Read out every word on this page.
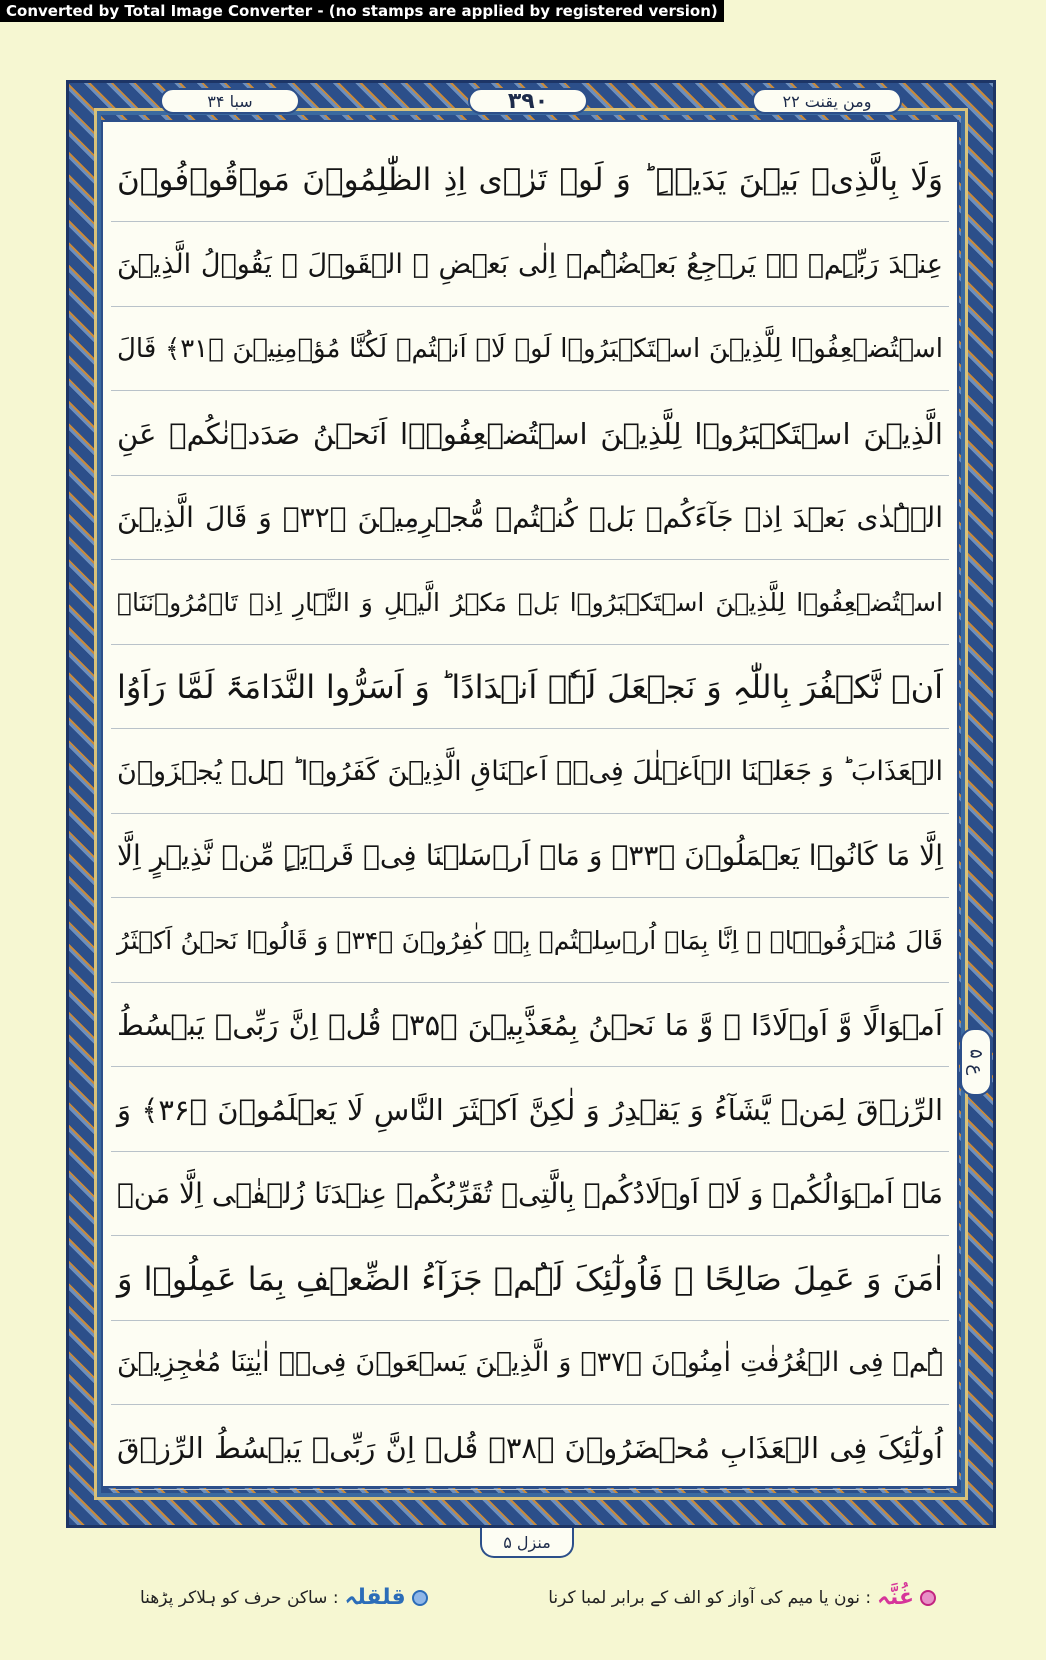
Converted by Total Image Converter - (no stamps are applied by registered version)
سبا ۳۴	۳۹۰	ومن یقنت ۲۲
وَلَا بِالَّذِیۡ بَیۡنَ یَدَیۡہِ ؕ وَ لَوۡ تَرٰۤی اِذِ الظّٰلِمُوۡنَ مَوۡقُوۡفُوۡنَ
عِنۡدَ رَبِّہِمۡ ۚۖ یَرۡجِعُ بَعۡضُہُمۡ اِلٰی بَعۡضِ ۣ الۡقَوۡلَ ۚ یَقُوۡلُ الَّذِیۡنَ
اسۡتُضۡعِفُوۡا لِلَّذِیۡنَ اسۡتَکۡبَرُوۡا لَوۡ لَاۤ اَنۡتُمۡ لَکُنَّا مُؤۡمِنِیۡنَ ﴿۳۱﴾ قَالَ
الَّذِیۡنَ اسۡتَکۡبَرُوۡا لِلَّذِیۡنَ اسۡتُضۡعِفُوۡۤا اَنَحۡنُ صَدَدۡنٰکُمۡ عَنِ
الۡہُدٰی بَعۡدَ اِذۡ جَآءَکُمۡ بَلۡ کُنۡتُمۡ مُّجۡرِمِیۡنَ ﴿۳۲﴾ وَ قَالَ الَّذِیۡنَ
اسۡتُضۡعِفُوۡا لِلَّذِیۡنَ اسۡتَکۡبَرُوۡا بَلۡ مَکۡرُ الَّیۡلِ وَ النَّہَارِ اِذۡ تَاۡمُرُوۡنَنَاۤ
اَنۡ نَّکۡفُرَ بِاللّٰہِ وَ نَجۡعَلَ لَہٗۤ اَنۡدَادًا ؕ وَ اَسَرُّوا النَّدَامَۃَ لَمَّا رَاَوُا
الۡعَذَابَ ؕ وَ جَعَلۡنَا الۡاَغۡلٰلَ فِیۡۤ اَعۡنَاقِ الَّذِیۡنَ کَفَرُوۡا ؕ ہَلۡ یُجۡزَوۡنَ
اِلَّا مَا کَانُوۡا یَعۡمَلُوۡنَ ﴿۳۳﴾ وَ مَاۤ اَرۡسَلۡنَا فِیۡ قَرۡیَۃٍ مِّنۡ نَّذِیۡرٍ اِلَّا
قَالَ مُتۡرَفُوۡہَاۤ ۙ اِنَّا بِمَاۤ اُرۡسِلۡتُمۡ بِہٖ کٰفِرُوۡنَ ﴿۳۴﴾ وَ قَالُوۡا نَحۡنُ اَکۡثَرُ
اَمۡوَالًا وَّ اَوۡلَادًا ۙ وَّ مَا نَحۡنُ بِمُعَذَّبِیۡنَ ﴿۳۵﴾ قُلۡ اِنَّ رَبِّیۡ یَبۡسُطُ
الرِّزۡقَ لِمَنۡ یَّشَآءُ وَ یَقۡدِرُ وَ لٰکِنَّ اَکۡثَرَ النَّاسِ لَا یَعۡلَمُوۡنَ ﴿۳۶﴾ وَ
مَاۤ اَمۡوَالُکُمۡ وَ لَاۤ اَوۡلَادُکُمۡ بِالَّتِیۡ تُقَرِّبُکُمۡ عِنۡدَنَا زُلۡفٰۤی اِلَّا مَنۡ
اٰمَنَ وَ عَمِلَ صَالِحًا ۫ فَاُولٰٓئِکَ لَہُمۡ جَزَآءُ الضِّعۡفِ بِمَا عَمِلُوۡا وَ
ہُمۡ فِی الۡغُرُفٰتِ اٰمِنُوۡنَ ﴿۳۷﴾ وَ الَّذِیۡنَ یَسۡعَوۡنَ فِیۡۤ اٰیٰتِنَا مُعٰجِزِیۡنَ
اُولٰٓئِکَ فِی الۡعَذَابِ مُحۡضَرُوۡنَ ﴿۳۸﴾ قُلۡ اِنَّ رَبِّیۡ یَبۡسُطُ الرِّزۡقَ
ع ۵
منزل ۵
غُنَّہ
: نون یا میم کی آواز کو الف کے برابر لمبا کرنا
قلقلہ
: ساکن حرف کو ہلاکر پڑھنا
